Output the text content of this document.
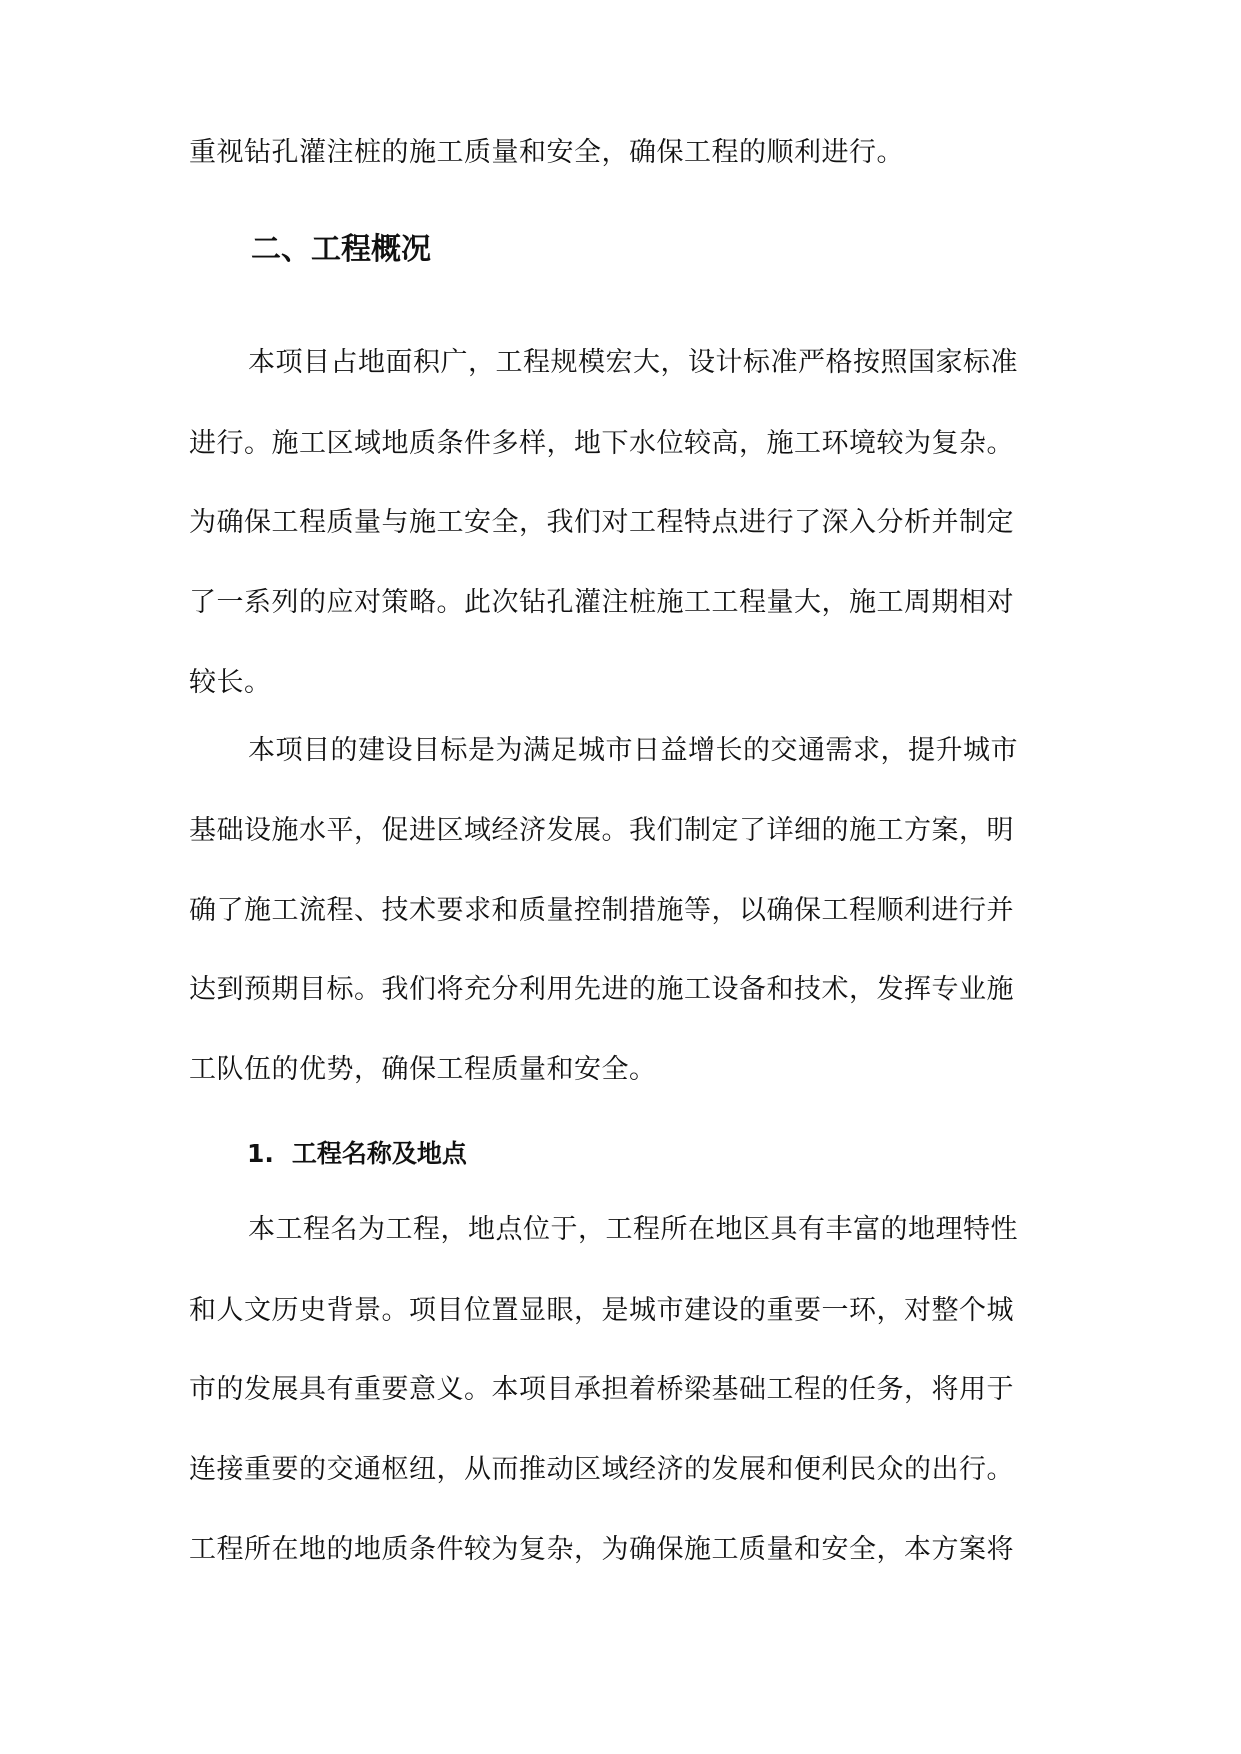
重视钻孔灌注桩的施工质量和安全，确保工程的顺利进行。
二、工程概况
本项目占地面积广，工程规模宏大，设计标准严格按照国家标准
进行。施工区域地质条件多样，地下水位较高，施工环境较为复杂。
为确保工程质量与施工安全，我们对工程特点进行了深入分析并制定
了一系列的应对策略。此次钻孔灌注桩施工工程量大，施工周期相对
较长。
本项目的建设目标是为满足城市日益增长的交通需求，提升城市
基础设施水平，促进区域经济发展。我们制定了详细的施工方案，明
确了施工流程、技术要求和质量控制措施等，以确保工程顺利进行并
达到预期目标。我们将充分利用先进的施工设备和技术，发挥专业施
工队伍的优势，确保工程质量和安全。
1. 工程名称及地点
本工程名为工程，地点位于，工程所在地区具有丰富的地理特性
和人文历史背景。项目位置显眼，是城市建设的重要一环，对整个城
市的发展具有重要意义。本项目承担着桥梁基础工程的任务，将用于
连接重要的交通枢纽，从而推动区域经济的发展和便利民众的出行。
工程所在地的地质条件较为复杂，为确保施工质量和安全，本方案将
